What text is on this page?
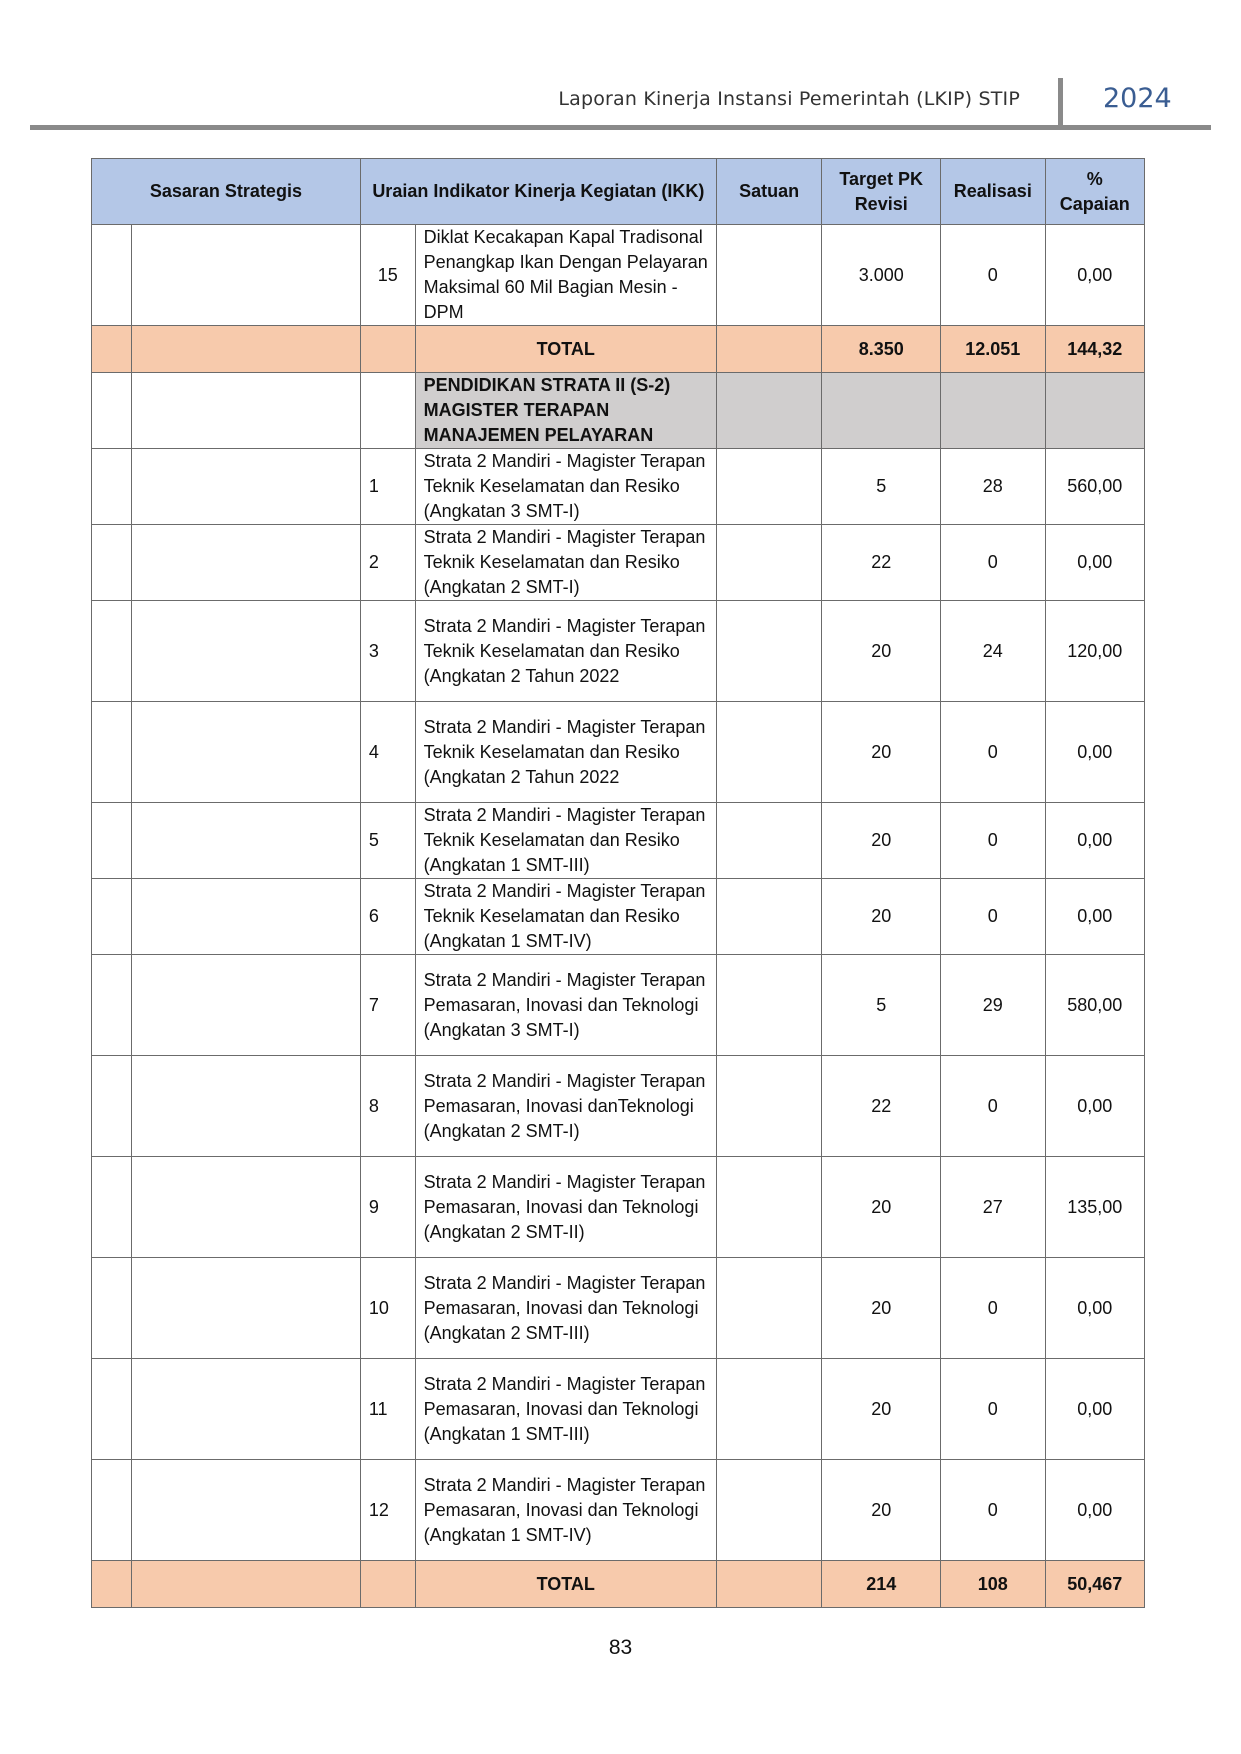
Laporan Kinerja Instansi Pemerintah (LKIP) STIP	2024
Sasaran Strategis		Uraian Indikator Kinerja Kegiatan (IKK)		Satuan	Target PK Revisi	Realisasi	% Capaian
		15	Diklat Kecakapan Kapal Tradisonal Penangkap Ikan Dengan Pelayaran Maksimal 60 Mil Bagian Mesin - DPM		3.000	0	0,00
			TOTAL		8.350	12.051	144,32
			PENDIDIKAN STRATA II (S-2) MAGISTER TERAPAN MANAJEMEN PELAYARAN				
		1	Strata 2 Mandiri - Magister Terapan Teknik Keselamatan dan Resiko (Angkatan 3 SMT-I)		5	28	560,00
		2	Strata 2 Mandiri - Magister Terapan Teknik Keselamatan dan Resiko (Angkatan 2 SMT-I)		22	0	0,00
		3	Strata 2 Mandiri - Magister Terapan Teknik Keselamatan dan Resiko (Angkatan 2 Tahun 2022		20	24	120,00
		4	Strata 2 Mandiri - Magister Terapan Teknik Keselamatan dan Resiko (Angkatan 2 Tahun 2022		20	0	0,00
		5	Strata 2 Mandiri - Magister Terapan Teknik Keselamatan dan Resiko (Angkatan 1 SMT-III)		20	0	0,00
		6	Strata 2 Mandiri - Magister Terapan Teknik Keselamatan dan Resiko (Angkatan 1 SMT-IV)		20	0	0,00
		7	Strata 2 Mandiri - Magister Terapan Pemasaran, Inovasi dan Teknologi (Angkatan 3 SMT-I)		5	29	580,00
		8	Strata 2 Mandiri - Magister Terapan Pemasaran, Inovasi danTeknologi (Angkatan 2 SMT-I)		22	0	0,00
		9	Strata 2 Mandiri - Magister Terapan Pemasaran, Inovasi dan Teknologi (Angkatan 2 SMT-II)		20	27	135,00
		10	Strata 2 Mandiri - Magister Terapan Pemasaran, Inovasi dan Teknologi (Angkatan 2 SMT-III)		20	0	0,00
		11	Strata 2 Mandiri - Magister Terapan Pemasaran, Inovasi dan Teknologi (Angkatan 1 SMT-III)		20	0	0,00
		12	Strata 2 Mandiri - Magister Terapan Pemasaran, Inovasi dan Teknologi (Angkatan 1 SMT-IV)		20	0	0,00
			TOTAL		214	108	50,467
83
